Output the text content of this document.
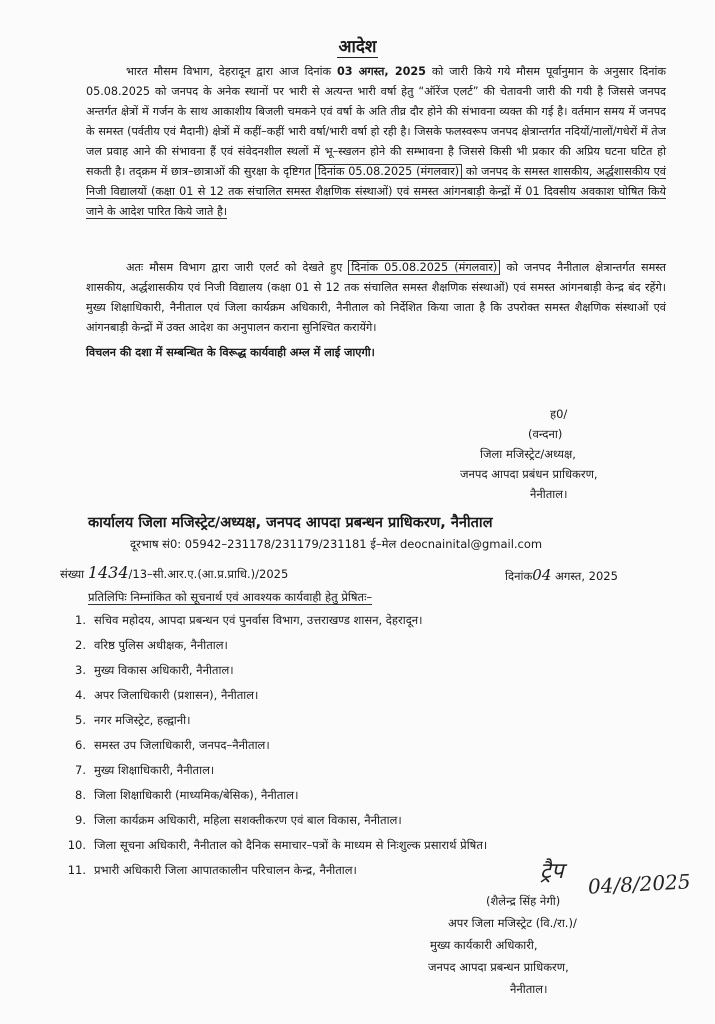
आदेश
भारत मौसम विभाग, देहरादून द्वारा आज दिनांक 03 अगस्त, 2025 को जारी किये गये मौसम पूर्वानुमान के अनुसार दिनांक 05.08.2025 को जनपद के अनेक स्थानों पर भारी से अत्यन्त भारी वर्षा हेतु “ऑरेंज एलर्ट” की चेतावनी जारी की गयी है जिससे जनपद अन्तर्गत क्षेत्रों में गर्जन के साथ आकाशीय बिजली चमकने एवं वर्षा के अति तीव्र दौर होने की संभावना व्यक्त की गई है। वर्तमान समय में जनपद के समस्त (पर्वतीय एवं मैदानी) क्षेत्रों में कहीं–कहीं भारी वर्षा/भारी वर्षा हो रही है। जिसके फलस्वरूप जनपद क्षेत्रान्तर्गत नदियों/नालों/गधेरों में तेज जल प्रवाह आने की संभावना हैं एवं संवेदनशील स्थलों में भू–स्खलन होने की सम्भावना है जिससे किसी भी प्रकार की अप्रिय घटना घटित हो सकती है। तद्क्रम में छात्र–छात्राओं की सुरक्षा के दृष्टिगत दिनांक 05.08.2025 (मंगलवार) को जनपद के समस्त शासकीय, अर्द्धशासकीय एवं निजी विद्यालयों (कक्षा 01 से 12 तक संचालित समस्त शैक्षणिक संस्थाओं) एवं समस्त आंगनबाड़ी केन्द्रों में 01 दिवसीय अवकाश घोषित किये जाने के आदेश पारित किये जाते है।
अतः मौसम विभाग द्वारा जारी एलर्ट को देखते हुए दिनांक 05.08.2025 (मंगलवार) को जनपद नैनीताल क्षेत्रान्तर्गत समस्त शासकीय, अर्द्धशासकीय एवं निजी विद्यालय (कक्षा 01 से 12 तक संचालित समस्त शैक्षणिक संस्थाओं) एवं समस्त आंगनबाड़ी केन्द्र बंद रहेंगे। मुख्य शिक्षाधिकारी, नैनीताल एवं जिला कार्यक्रम अधिकारी, नैनीताल को निर्देशित किया जाता है कि उपरोक्त समस्त शैक्षणिक संस्थाओं एवं आंगनबाड़ी केन्द्रों में उक्त आदेश का अनुपालन कराना सुनिश्चित करायेंगे।
विचलन की दशा में सम्बन्धित के विरूद्ध कार्यवाही अम्ल में लाई जाएगी।
ह0/
(वन्दना)
जिला मजिस्ट्रेट/अध्यक्ष,
जनपद आपदा प्रबंधन प्राधिकरण,
नैनीताल।
कार्यालय जिला मजिस्ट्रेट/अध्यक्ष, जनपद आपदा प्रबन्धन प्राधिकरण, नैनीताल
दूरभाष सं0: 05942–231178/231179/231181 ई–मेल deocnainital@gmail.com
संख्या 1434/13–सी.आर.ए.(आ.प्र.प्राधि.)/2025	दिनांक04 अगस्त, 2025
प्रतिलिपिः निम्नांकित को सूचनार्थ एवं आवश्यक कार्यवाही हेतु प्रेषितः–
1. सचिव महोदय, आपदा प्रबन्धन एवं पुनर्वास विभाग, उत्तराखण्ड शासन, देहरादून।
2. वरिष्ठ पुलिस अधीक्षक, नैनीताल।
3. मुख्य विकास अधिकारी, नैनीताल।
4. अपर जिलाधिकारी (प्रशासन), नैनीताल।
5. नगर मजिस्ट्रेट, हल्द्वानी।
6. समस्त उप जिलाधिकारी, जनपद–नैनीताल।
7. मुख्य शिक्षाधिकारी, नैनीताल।
8. जिला शिक्षाधिकारी (माध्यमिक/बेसिक), नैनीताल।
9. जिला कार्यक्रम अधिकारी, महिला सशक्तीकरण एवं बाल विकास, नैनीताल।
10. जिला सूचना अधिकारी, नैनीताल को दैनिक समाचार–पत्रों के माध्यम से निःशुल्क प्रसारार्थ प्रेषित।
11. प्रभारी अधिकारी जिला आपातकालीन परिचालन केन्द्र, नैनीताल।	ट्रैप 04/8/2025
(शैलेन्द्र सिंह नेगी)
अपर जिला मजिस्ट्रेट (वि./रा.)/
मुख्य कार्यकारी अधिकारी,
जनपद आपदा प्रबन्धन प्राधिकरण,
नैनीताल।
